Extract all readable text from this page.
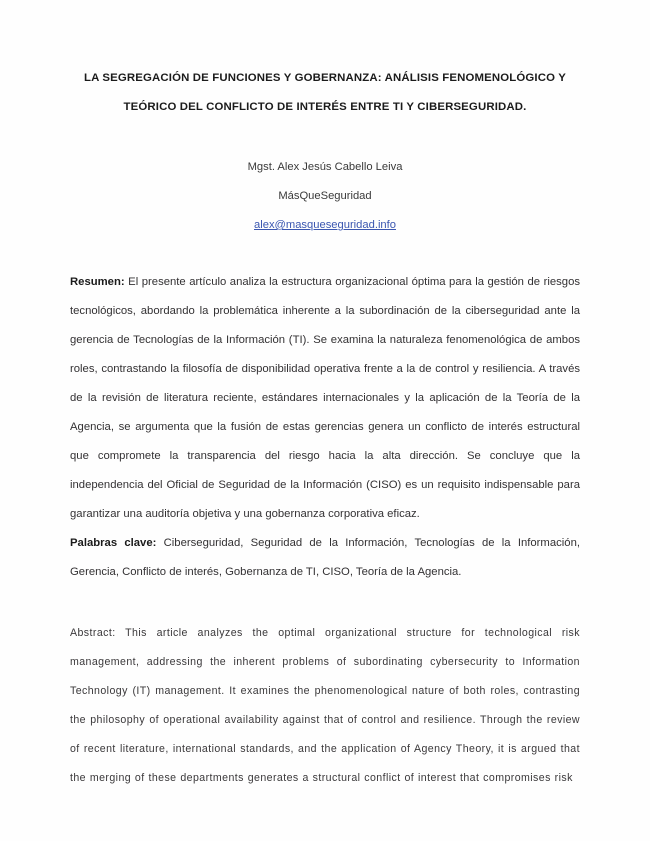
LA SEGREGACIÓN DE FUNCIONES Y GOBERNANZA: ANÁLISIS FENOMENOLÓGICO Y
TEÓRICO DEL CONFLICTO DE INTERÉS ENTRE TI Y CIBERSEGURIDAD.
Mgst. Alex Jesús Cabello Leiva
MásQueSeguridad
alex@masqueseguridad.info

Resumen: El presente artículo analiza la estructura organizacional óptima para la gestión de riesgos tecnológicos, abordando la problemática inherente a la subordinación de la ciberseguridad ante la gerencia de Tecnologías de la Información (TI). Se examina la naturaleza fenomenológica de ambos roles, contrastando la filosofía de disponibilidad operativa frente a la de control y resiliencia. A través de la revisión de literatura reciente, estándares internacionales y la aplicación de la Teoría de la Agencia, se argumenta que la fusión de estas gerencias genera un conflicto de interés estructural que compromete la transparencia del riesgo hacia la alta dirección. Se concluye que la independencia del Oficial de Seguridad de la Información (CISO) es un requisito indispensable para garantizar una auditoría objetiva y una gobernanza corporativa eficaz.

Palabras clave: Ciberseguridad, Seguridad de la Información, Tecnologías de la Información, Gerencia, Conflicto de interés, Gobernanza de TI, CISO, Teoría de la Agencia.

Abstract: This article analyzes the optimal organizational structure for technological risk management, addressing the inherent problems of subordinating cybersecurity to Information Technology (IT) management. It examines the phenomenological nature of both roles, contrasting the philosophy of operational availability against that of control and resilience. Through the review of recent literature, international standards, and the application of Agency Theory, it is argued that the merging of these departments generates a structural conflict of interest that compromises risk
